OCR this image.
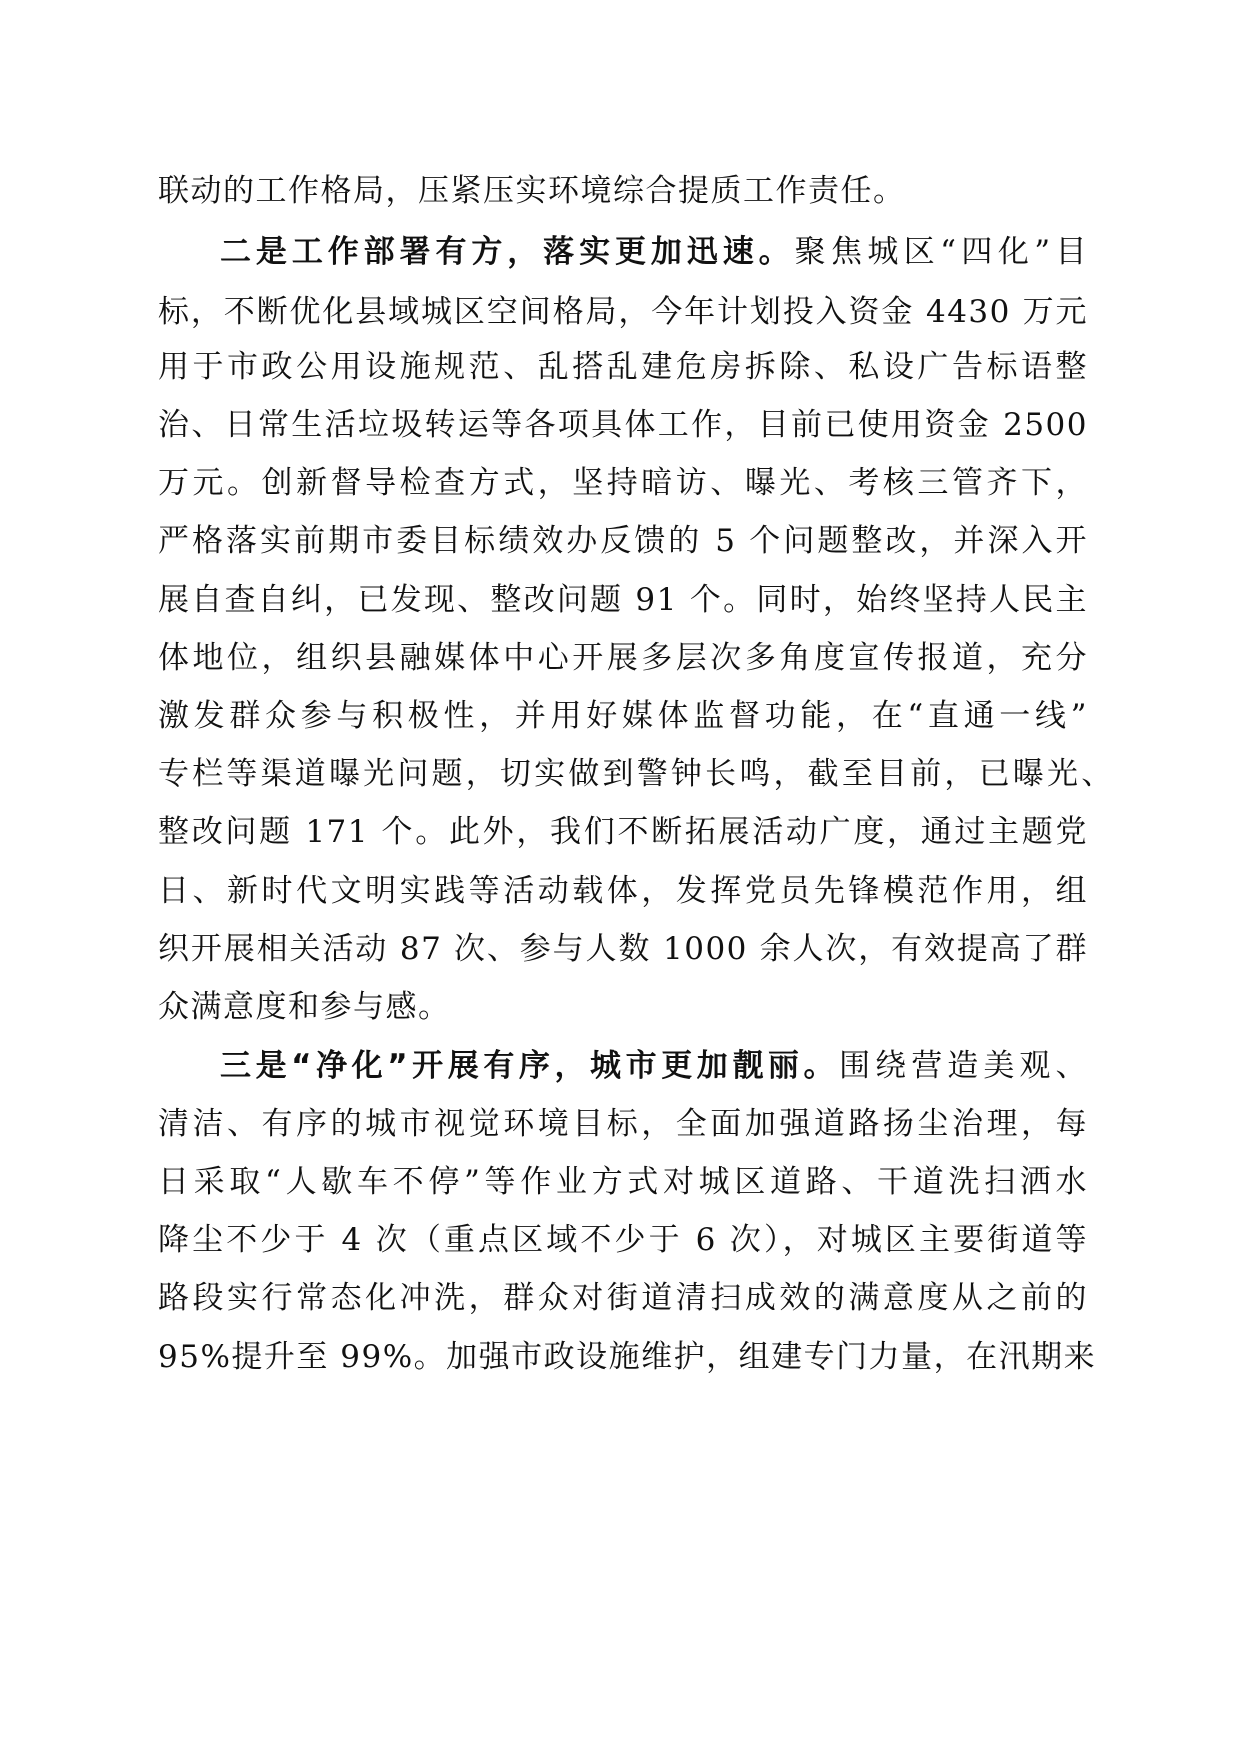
联动的工作格局，压紧压实环境综合提质工作责任。
二是工作部署有方，落实更加迅速。聚焦城区“四化”目
标，不断优化县域城区空间格局，今年计划投入资金 4430 万元
用于市政公用设施规范、乱搭乱建危房拆除、私设广告标语整
治、日常生活垃圾转运等各项具体工作，目前已使用资金 2500
万元。创新督导检查方式，坚持暗访、曝光、考核三管齐下，
严格落实前期市委目标绩效办反馈的 5 个问题整改，并深入开
展自查自纠，已发现、整改问题 91 个。同时，始终坚持人民主
体地位，组织县融媒体中心开展多层次多角度宣传报道，充分
激发群众参与积极性，并用好媒体监督功能，在“直通一线”
专栏等渠道曝光问题，切实做到警钟长鸣，截至目前，已曝光、
整改问题 171 个。此外，我们不断拓展活动广度，通过主题党
日、新时代文明实践等活动载体，发挥党员先锋模范作用，组
织开展相关活动 87 次、参与人数 1000 余人次，有效提高了群
众满意度和参与感。
三是“净化”开展有序，城市更加靓丽。围绕营造美观、
清洁、有序的城市视觉环境目标，全面加强道路扬尘治理，每
日采取“人歇车不停”等作业方式对城区道路、干道洗扫洒水
降尘不少于 4 次（重点区域不少于 6 次），对城区主要街道等
路段实行常态化冲洗，群众对街道清扫成效的满意度从之前的
95%提升至 99%。加强市政设施维护，组建专门力量，在汛期来
